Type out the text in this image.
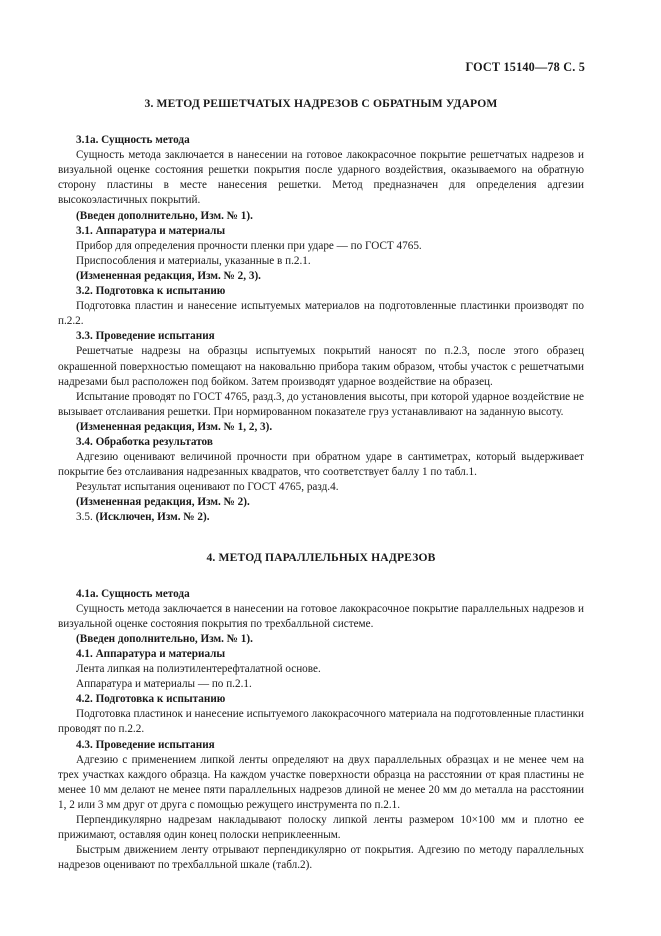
ГОСТ 15140—78 С. 5
3. МЕТОД РЕШЕТЧАТЫХ НАДРЕЗОВ С ОБРАТНЫМ УДАРОМ
3.1а. Сущность метода

Сущность метода заключается в нанесении на готовое лакокрасочное покрытие решетчатых надрезов и визуальной оценке состояния решетки покрытия после ударного воздействия, оказываемого на обратную сторону пластины в месте нанесения решетки. Метод предназначен для определения адгезии высокоэластичных покрытий.

(Введен дополнительно, Изм. № 1).

3.1. Аппаратура и материалы

Прибор для определения прочности пленки при ударе — по ГОСТ 4765.

Приспособления и материалы, указанные в п.2.1.

(Измененная редакция, Изм. № 2, 3).

3.2. Подготовка к испытанию

Подготовка пластин и нанесение испытуемых материалов на подготовленные пластинки производят по п.2.2.

3.3. Проведение испытания

Решетчатые надрезы на образцы испытуемых покрытий наносят по п.2.3, после этого образец окрашенной поверхностью помещают на наковальню прибора таким образом, чтобы участок с решетчатыми надрезами был расположен под бойком. Затем производят ударное воздействие на образец.

Испытание проводят по ГОСТ 4765, разд.3, до установления высоты, при которой ударное воздействие не вызывает отслаивания решетки. При нормированном показателе груз устанавливают на заданную высоту.

(Измененная редакция, Изм. № 1, 2, 3).

3.4. Обработка результатов

Адгезию оценивают величиной прочности при обратном ударе в сантиметрах, который выдерживает покрытие без отслаивания надрезанных квадратов, что соответствует баллу 1 по табл.1.

Результат испытания оценивают по ГОСТ 4765, разд.4.

(Измененная редакция, Изм. № 2).

3.5. (Исключен, Изм. № 2).

4. МЕТОД ПАРАЛЛЕЛЬНЫХ НАДРЕЗОВ
4.1а. Сущность метода

Сущность метода заключается в нанесении на готовое лакокрасочное покрытие параллельных надрезов и визуальной оценке состояния покрытия по трехбалльной системе.

(Введен дополнительно, Изм. № 1).

4.1. Аппаратура и материалы

Лента липкая на полиэтилентерефталатной основе.

Аппаратура и материалы — по п.2.1.

4.2. Подготовка к испытанию

Подготовка пластинок и нанесение испытуемого лакокрасочного материала на подготовленные пластинки проводят по п.2.2.

4.3. Проведение испытания

Адгезию с применением липкой ленты определяют на двух параллельных образцах и не менее чем на трех участках каждого образца. На каждом участке поверхности образца на расстоянии от края пластины не менее 10 мм делают не менее пяти параллельных надрезов длиной не менее 20 мм до металла на расстоянии 1, 2 или 3 мм друг от друга с помощью режущего инструмента по п.2.1.

Перпендикулярно надрезам накладывают полоску липкой ленты размером 10×100 мм и плотно ее прижимают, оставляя один конец полоски неприклеенным.

Быстрым движением ленту отрывают перпендикулярно от покрытия. Адгезию по методу параллельных надрезов оценивают по трехбалльной шкале (табл.2).
